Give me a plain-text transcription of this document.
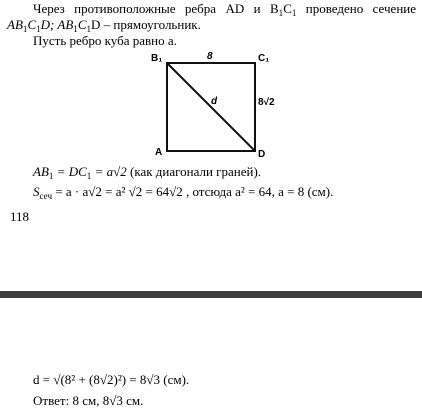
Через противоположные ребра AD и $B_1C_1$ проведено сечение
$AB_1C_1D$; $AB_1C_1D$ – прямоугольник.
Пусть ребро куба равно a.
B₁	C₁
A	D
8
d	8√2
$AB_1 = DC_1 = a√2$ (как диагонали граней).
$S_{сеч} = a \cdot a√2 = a^2$ √2 = 64√2 , отсюда a² = 64, a = 8 (см).
118
d = √(8² + (8√2)²) = 8√3 (см).
Ответ: 8 см, 8√3 см.
